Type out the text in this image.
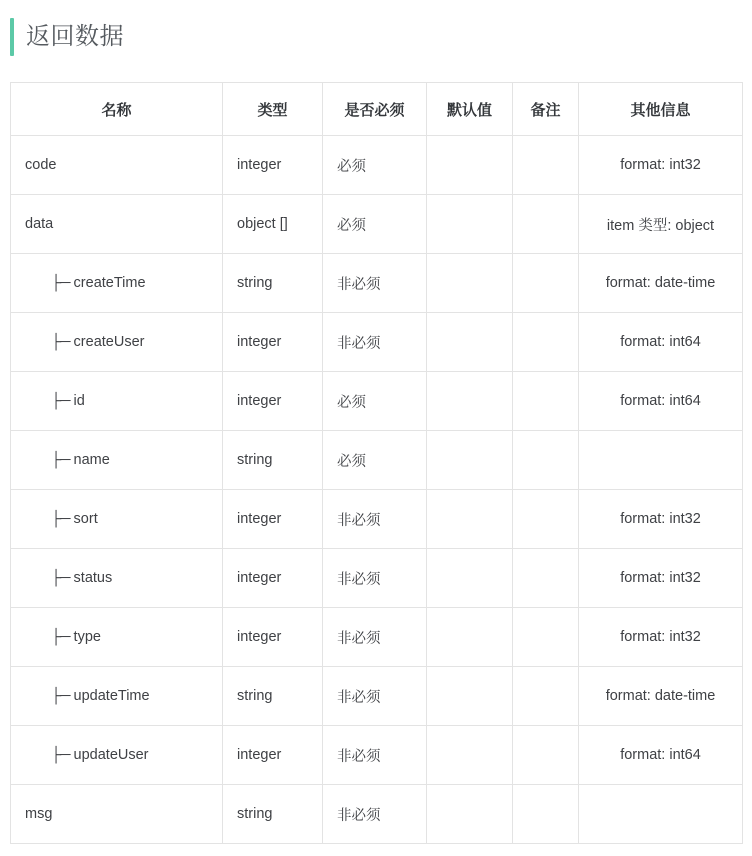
返回数据
名称	类型	是否必须	默认值	备注	其他信息
code	integer	必须			format: int32
data	object []	必须			item 类型: object
├─ createTime	string	非必须			format: date-time
├─ createUser	integer	非必须			format: int64
├─ id	integer	必须			format: int64
├─ name	string	必须			
├─ sort	integer	非必须			format: int32
├─ status	integer	非必须			format: int32
├─ type	integer	非必须			format: int32
├─ updateTime	string	非必须			format: date-time
├─ updateUser	integer	非必须			format: int64
msg	string	非必须			
